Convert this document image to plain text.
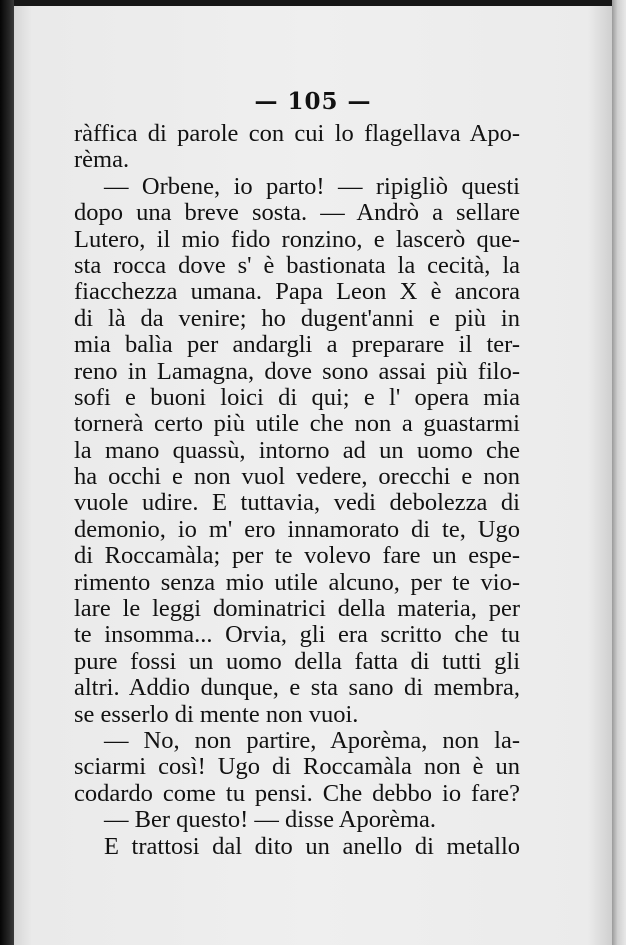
— 105 —
ràffica di parole con cui lo flagellava Apo-
rèma.
— Orbene, io parto! — ripigliò questi
dopo una breve sosta. — Andrò a sellare
Lutero, il mio fido ronzino, e lascerò que-
sta rocca dove s' è bastionata la cecità, la
fiacchezza umana. Papa Leon X è ancora
di là da venire; ho dugent'anni e più in
mia balìa per andargli a preparare il ter-
reno in Lamagna, dove sono assai più filo-
sofi e buoni loici di qui; e l' opera mia
tornerà certo più utile che non a guastarmi
la mano quassù, intorno ad un uomo che
ha occhi e non vuol vedere, orecchi e non
vuole udire. E tuttavia, vedi debolezza di
demonio, io m' ero innamorato di te, Ugo
di Roccamàla; per te volevo fare un espe-
rimento senza mio utile alcuno, per te vio-
lare le leggi dominatrici della materia, per
te insomma... Orvia, gli era scritto che tu
pure fossi un uomo della fatta di tutti gli
altri. Addio dunque, e sta sano di membra,
se esserlo di mente non vuoi.
— No, non partire, Aporèma, non la-
sciarmi così! Ugo di Roccamàla non è un
codardo come tu pensi. Che debbo io fare?
— Ber questo! — disse Aporèma.
E trattosi dal dito un anello di metallo
